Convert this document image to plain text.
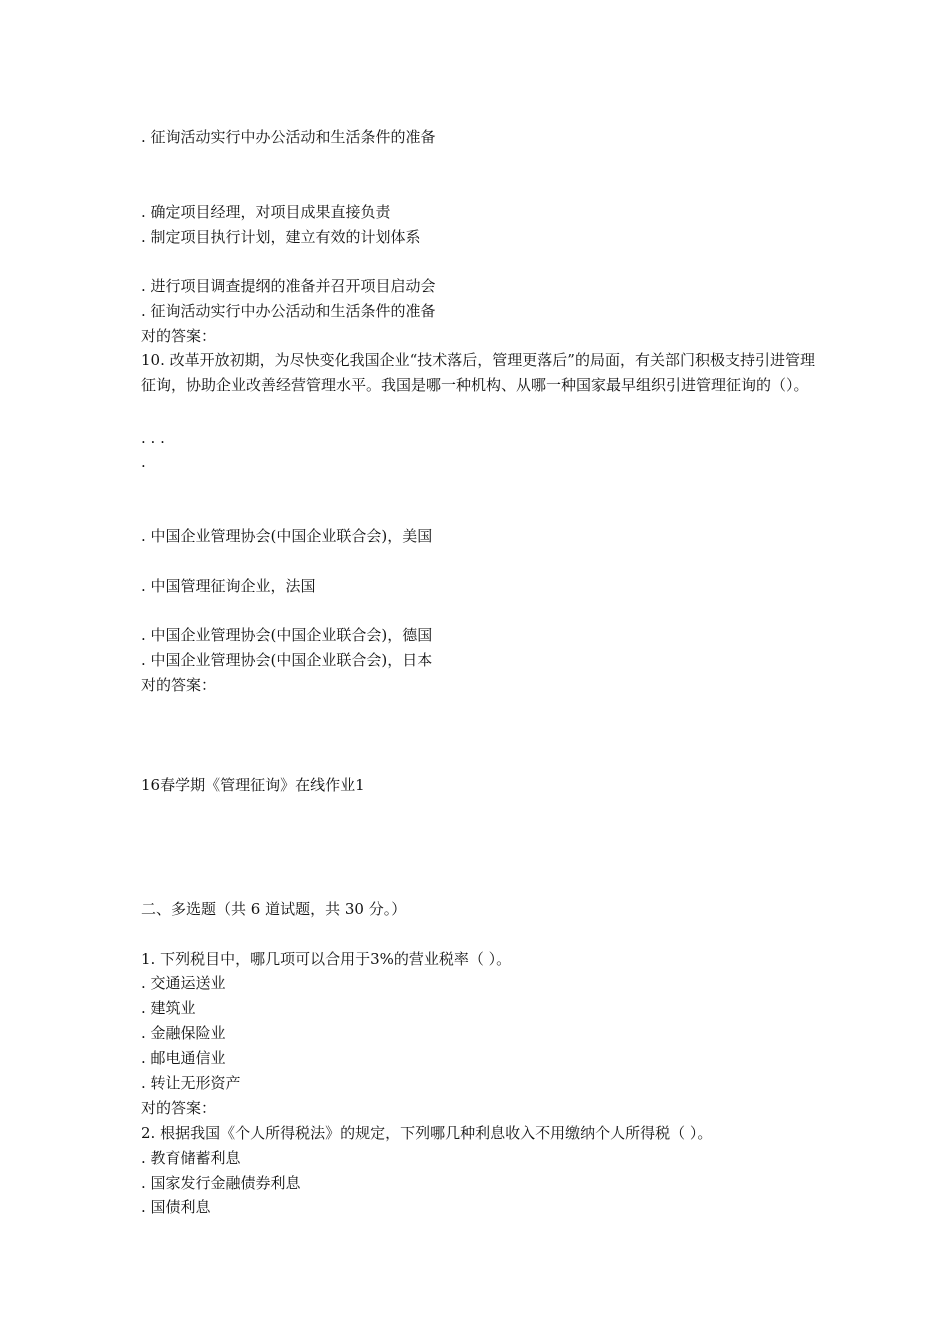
. 征询活动实行中办公活动和生活条件的准备
. 确定项目经理，对项目成果直接负责
. 制定项目执行计划，建立有效的计划体系
. 进行项目调查提纲的准备并召开项目启动会
. 征询活动实行中办公活动和生活条件的准备
对的答案：
10. 改革开放初期，为尽快变化我国企业“技术落后，管理更落后”的局面，有关部门积极支持引进管理征询，协助企业改善经营管理水平。我国是哪一种机构、从哪一种国家最早组织引进管理征询的（）。
. . .
.
. 中国企业管理协会(中国企业联合会)，美国
. 中国管理征询企业，法国
. 中国企业管理协会(中国企业联合会)，德国
. 中国企业管理协会(中国企业联合会)，日本
对的答案：
16春学期《管理征询》在线作业1
二、多选题（共 6 道试题，共 30 分。）
1. 下列税目中，哪几项可以合用于3%的营业税率（ ）。
. 交通运送业
. 建筑业
. 金融保险业
. 邮电通信业
. 转让无形资产
对的答案：
2. 根据我国《个人所得税法》的规定，下列哪几种利息收入不用缴纳个人所得税（ ）。
. 教育储蓄利息
. 国家发行金融债券利息
. 国债利息
